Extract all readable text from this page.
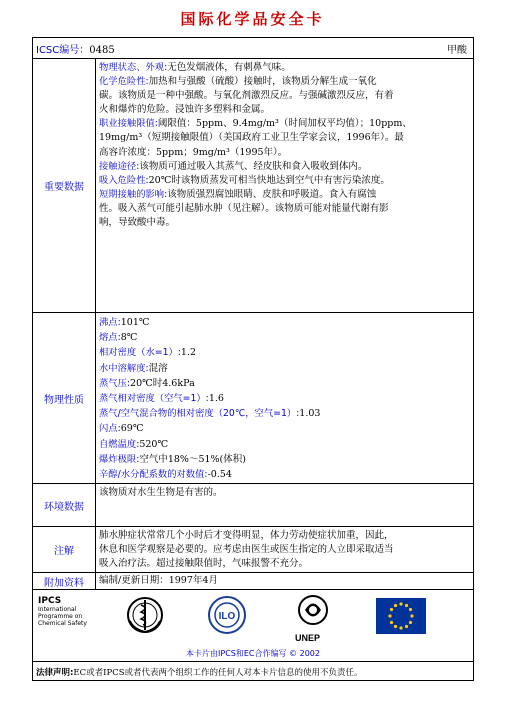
国际化学品安全卡
ICSC编号：0485	甲酸
重要数据

物理状态、外观:无色发烟液体，有刺鼻气味。

化学危险性:加热和与强酸（硫酸）接触时，该物质分解生成一氧化

碳。该物质是一种中强酸。与氧化剂激烈反应。与强碱激烈反应，有着

火和爆炸的危险。浸蚀许多塑料和金属。

职业接触限值:阈限值：5ppm、9.4mg/m³（时间加权平均值）；10ppm、

19mg/m³（短期接触限值）（美国政府工业卫生学家会议，1996年）。最

高容许浓度：5ppm；9mg/m³（1995年）。

接触途径:该物质可通过吸入其蒸气、经皮肤和食入吸收到体内。

吸入危险性:20℃时该物质蒸发可相当快地达到空气中有害污染浓度。

短期接触的影响:该物质强烈腐蚀眼睛、皮肤和呼吸道。食入有腐蚀

性。吸入蒸气可能引起肺水肿（见注解）。该物质可能对能量代谢有影

响，导致酸中毒。

物理性质

沸点:101℃

熔点:8℃

相对密度（水=1）:1.2

水中溶解度:混溶

蒸气压:20℃时4.6kPa

蒸气相对密度（空气=1）:1.6

蒸气/空气混合物的相对密度（20℃，空气=1）:1.03

闪点:69℃

自燃温度:520℃

爆炸极限:空气中18%～51%(体积)

辛醇/水分配系数的对数值:-0.54

环境数据
该物质对水生生物是有害的。
注解

肺水肿症状常常几个小时后才变得明显，体力劳动使症状加重，因此，

休息和医学观察是必要的。应考虑由医生或医生指定的人立即采取适当

吸入治疗法。超过接触限值时，气味报警不充分。

附加资料	编制/更新日期：1997年4月
IPCS
International
Programme on
Chemical Safety
ILO
UNEP
本卡片由IPCS和EC合作编写 © 2002
法律声明:EC或者IPCS或者代表两个组织工作的任何人对本卡片信息的使用不负责任。
